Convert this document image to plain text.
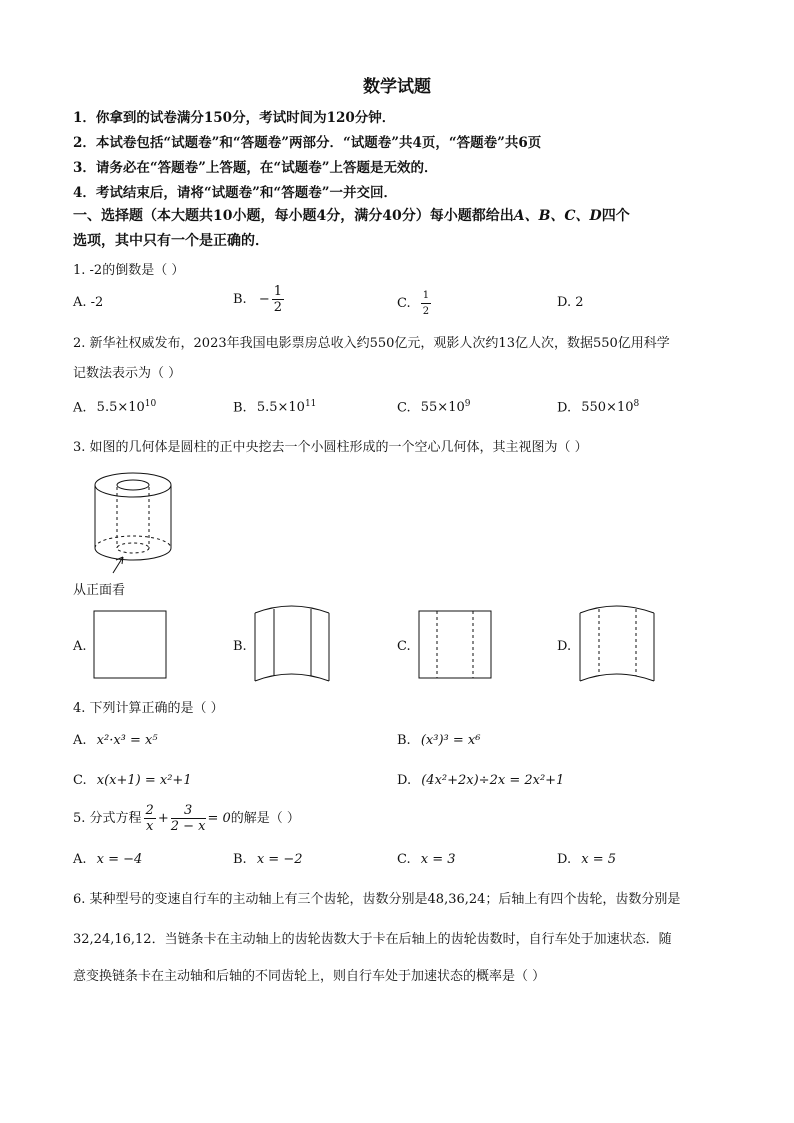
数学试题
1．你拿到的试卷满分150分，考试时间为120分钟．
2．本试卷包括“试题卷”和“答题卷”两部分．“试题卷”共4页，“答题卷”共6页
3．请务必在“答题卷”上答题，在“试题卷”上答题是无效的．
4．考试结束后，请将“试题卷”和“答题卷”一并交回．
一、选择题（本大题共10小题，每小题4分，满分40分）每小题都给出A、B、C、D四个
选项，其中只有一个是正确的．
1. -2的倒数是（ ）
A. -2	B. − $\frac{1}{2}$	C. $\frac{1}{2}$	D. 2
2. 新华社权威发布，2023年我国电影票房总收入约550亿元，观影人次约13亿人次，数据550亿用科学
记数法表示为（ ）
A. $5.5\times 10^{10}$	B. $5.5\times 10^{11}$	C. $55\times 10^9$	D. $550\times 10^8$
3. 如图的几何体是圆柱的正中央挖去一个小圆柱形成的一个空心几何体，其主视图为（ ）
从正面看
A.	B.	C.	D.
4. 下列计算正确的是（ ）
A. x²·x³ = x⁵	B. (x³)³ = x⁶
C. x(x+1) = x²+1	D. (4x²+2x)÷2x = 2x²+1
5. 分式方程 $\frac{2}{x} + \frac{3}{2 - x} = 0$的解是（ ）
A. x = −4	B. x = −2	C. x = 3	D. x = 5
6. 某种型号的变速自行车的主动轴上有三个齿轮，齿数分别是48,36,24；后轴上有四个齿轮，齿数分别是
32,24,16,12．当链条卡在主动轴上的齿轮齿数大于卡在后轴上的齿轮齿数时，自行车处于加速状态．随
意变换链条卡在主动轴和后轴的不同齿轮上，则自行车处于加速状态的概率是（ ）
